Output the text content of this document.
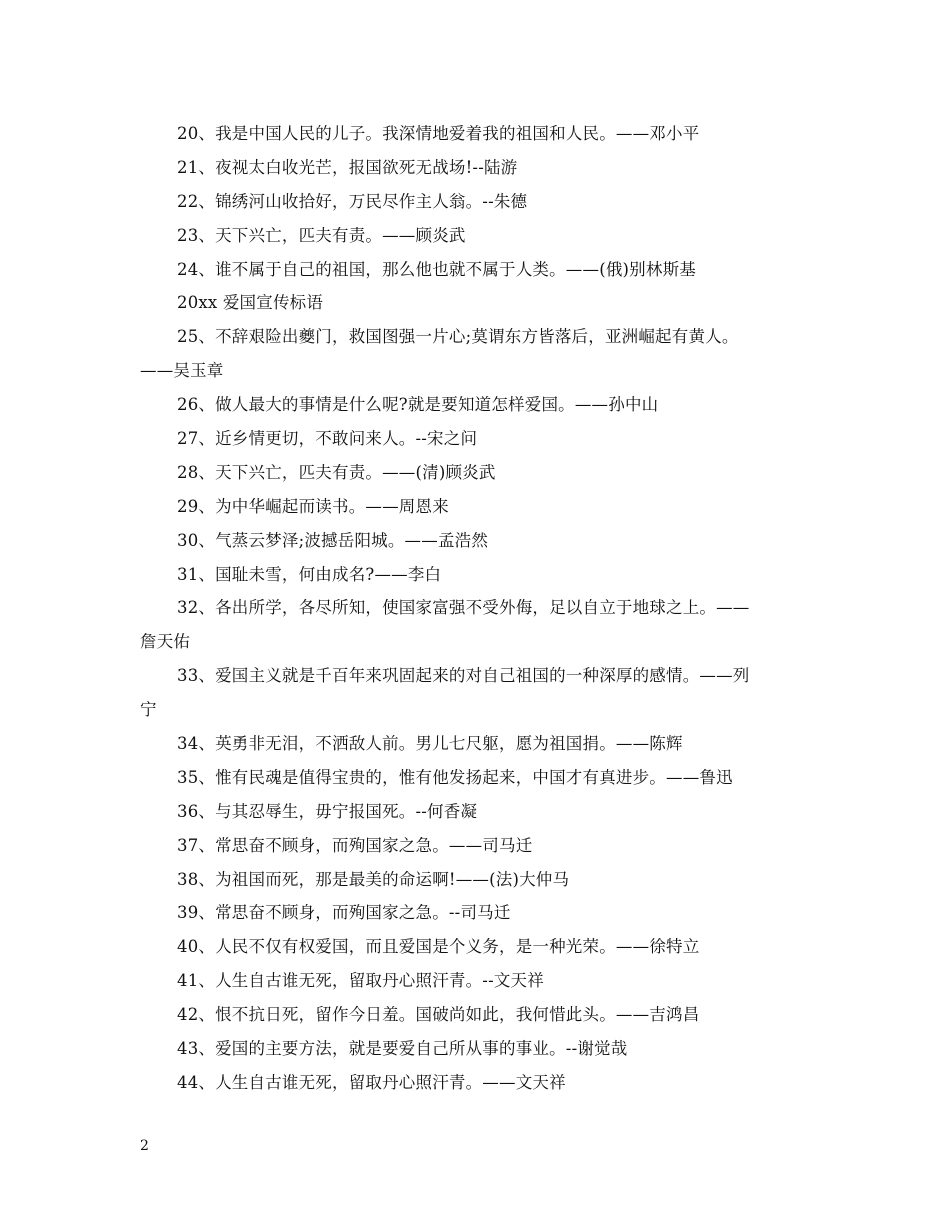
20、我是中国人民的儿子。我深情地爱着我的祖国和人民。——邓小平
21、夜视太白收光芒，报国欲死无战场!--陆游
22、锦绣河山收拾好，万民尽作主人翁。--朱德
23、天下兴亡，匹夫有责。——顾炎武
24、谁不属于自己的祖国，那么他也就不属于人类。——(俄)别林斯基
20xx 爱国宣传标语
25、不辞艰险出夔门，救国图强一片心;莫谓东方皆落后，亚洲崛起有黄人。
——吴玉章
26、做人最大的事情是什么呢?就是要知道怎样爱国。——孙中山
27、近乡情更切，不敢问来人。--宋之问
28、天下兴亡，匹夫有责。——(清)顾炎武
29、为中华崛起而读书。——周恩来
30、气蒸云梦泽;波撼岳阳城。——孟浩然
31、国耻未雪，何由成名?——李白
32、各出所学，各尽所知，使国家富强不受外侮，足以自立于地球之上。——
詹天佑
33、爱国主义就是千百年来巩固起来的对自己祖国的一种深厚的感情。——列
宁
34、英勇非无泪，不洒敌人前。男儿七尺躯，愿为祖国捐。——陈辉
35、惟有民魂是值得宝贵的，惟有他发扬起来，中国才有真进步。——鲁迅
36、与其忍辱生，毋宁报国死。--何香凝
37、常思奋不顾身，而殉国家之急。——司马迁
38、为祖国而死，那是最美的命运啊!——(法)大仲马
39、常思奋不顾身，而殉国家之急。--司马迁
40、人民不仅有权爱国，而且爱国是个义务，是一种光荣。——徐特立
41、人生自古谁无死，留取丹心照汗青。--文天祥
42、恨不抗日死，留作今日羞。国破尚如此，我何惜此头。——吉鸿昌
43、爱国的主要方法，就是要爱自己所从事的事业。--谢觉哉
44、人生自古谁无死，留取丹心照汗青。——文天祥
2
